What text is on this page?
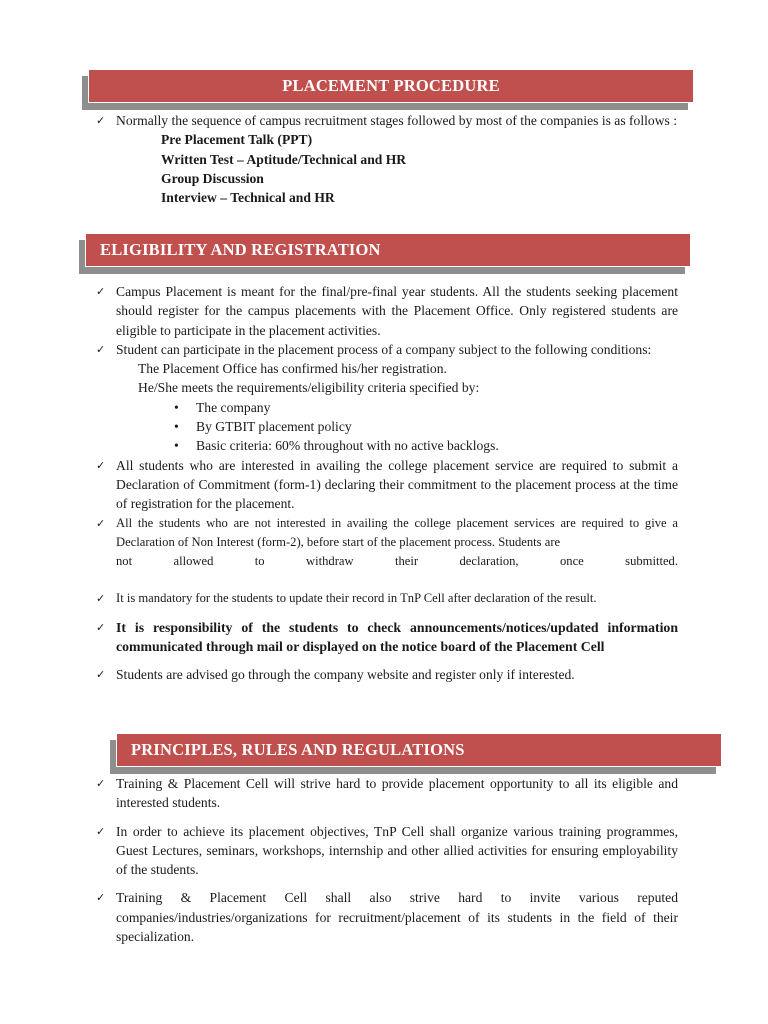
PLACEMENT PROCEDURE
✓ Normally the sequence of campus recruitment stages followed by most of the companies is as follows :

Pre Placement Talk (PPT)

Written Test – Aptitude/Technical and HR

Group Discussion

Interview – Technical and HR

ELIGIBILITY AND REGISTRATION
✓ Campus Placement is meant for the final/pre-final year students. All the students seeking placement should register for the campus placements with the Placement Office. Only registered students are eligible to participate in the placement activities.

✓ Student can participate in the placement process of a company subject to the following conditions:

The Placement Office has confirmed his/her registration.

He/She meets the requirements/eligibility criteria specified by:

• The company
• By GTBIT placement policy
• Basic criteria: 60% throughout with no active backlogs.
✓ All students who are interested in availing the college placement service are required to submit a Declaration of Commitment (form-1) declaring their commitment to the placement process at the time of registration for the placement.

✓ All the students who are not interested in availing the college placement services are required to give a Declaration of Non Interest (form-2), before start of the placement process. Students are

not allowed to withdraw their declaration, once submitted.

✓ It is mandatory for the students to update their record in TnP Cell after declaration of the result.

✓ It is responsibility of the students to check announcements/notices/updated information communicated through mail or displayed on the notice board of the Placement Cell

✓ Students are advised go through the company website and register only if interested.

PRINCIPLES, RULES AND REGULATIONS
✓ Training & Placement Cell will strive hard to provide placement opportunity to all its eligible and interested students.

✓ In order to achieve its placement objectives, TnP Cell shall organize various training programmes, Guest Lectures, seminars, workshops, internship and other allied activities for ensuring employability of the students.

✓ Training & Placement Cell shall also strive hard to invite various reputed companies/industries/organizations for recruitment/placement of its students in the field of their specialization.
